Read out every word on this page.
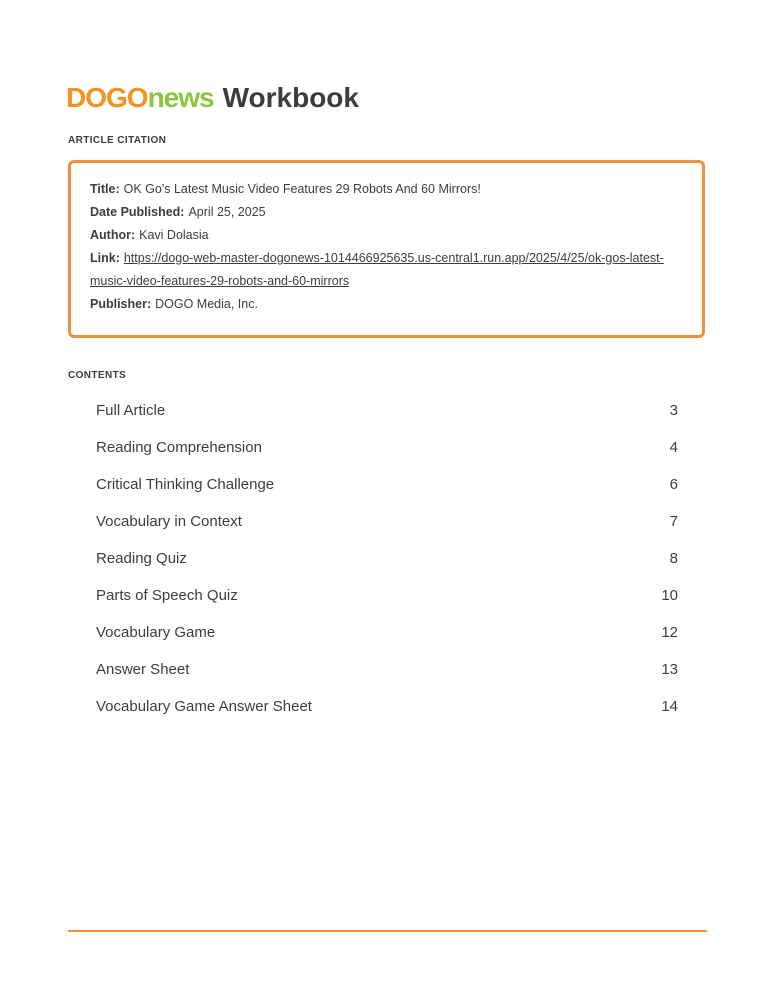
DOGOnews Workbook
ARTICLE CITATION
Title: OK Go's Latest Music Video Features 29 Robots And 60 Mirrors!
Date Published: April 25, 2025
Author: Kavi Dolasia
Link: https://dogo-web-master-dogonews-1014466925635.us-central1.run.app/2025/4/25/ok-gos-latest-music-video-features-29-robots-and-60-mirrors
Publisher: DOGO Media, Inc.
CONTENTS
Full Article	3
Reading Comprehension	4
Critical Thinking Challenge	6
Vocabulary in Context	7
Reading Quiz	8
Parts of Speech Quiz	10
Vocabulary Game	12
Answer Sheet	13
Vocabulary Game Answer Sheet	14
